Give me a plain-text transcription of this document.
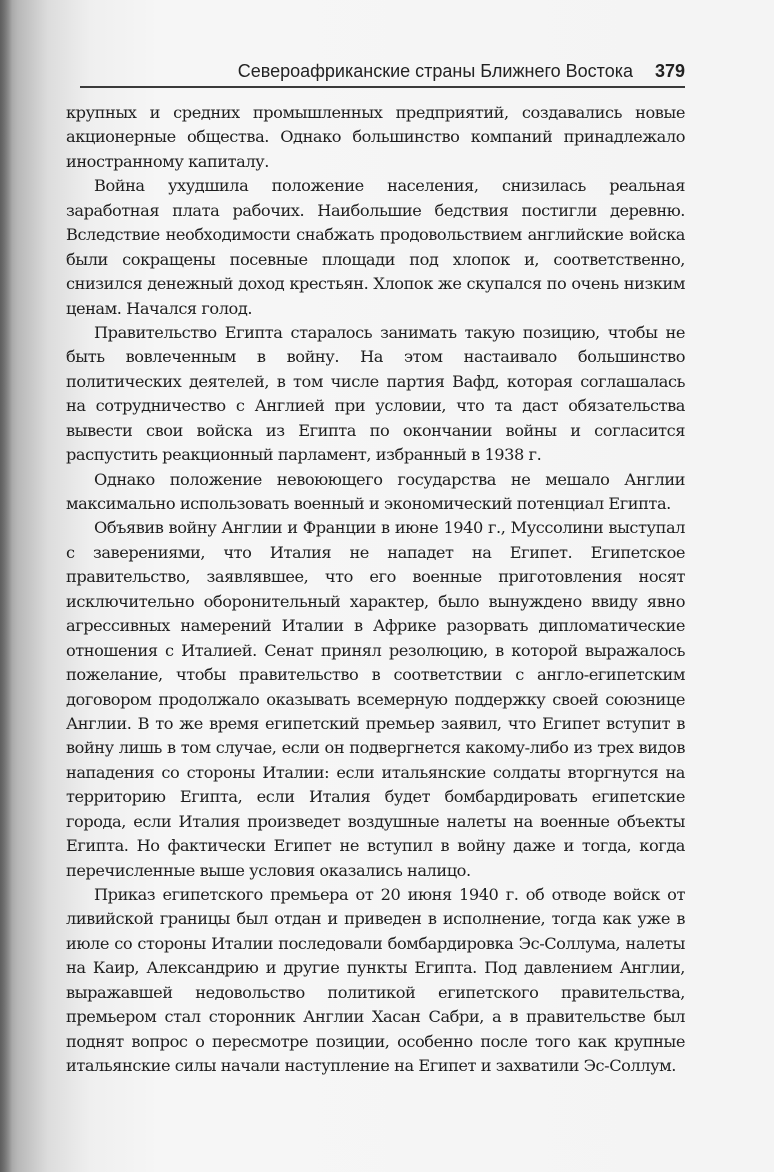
Североафриканские страны Ближнего Востока 379

крупных и средних промышленных предприятий, создавались новые акционерные общества. Однако большинство компаний принадлежало иностранному капиталу.

Война ухудшила положение населения, снизилась реальная заработная плата рабочих. Наибольшие бедствия постигли деревню. Вследствие необходимости снабжать продовольствием английские войска были сокращены посевные площади под хлопок и, соответственно, снизился денежный доход крестьян. Хлопок же скупался по очень низким ценам. Начался голод.

Правительство Египта старалось занимать такую позицию, чтобы не быть вовлеченным в войну. На этом настаивало большинство политических деятелей, в том числе партия Вафд, которая соглашалась на сотрудничество с Англией при условии, что та даст обязательства вывести свои войска из Египта по окончании войны и согласится распустить реакционный парламент, избранный в 1938 г.

Однако положение невоюющего государства не мешало Англии максимально использовать военный и экономический потенциал Египта.

Объявив войну Англии и Франции в июне 1940 г., Муссолини выступал с заверениями, что Италия не нападет на Египет. Египетское правительство, заявлявшее, что его военные приготовления носят исключительно оборонительный характер, было вынуждено ввиду явно агрессивных намерений Италии в Африке разорвать дипломатические отношения с Италией. Сенат принял резолюцию, в которой выражалось пожелание, чтобы правительство в соответствии с англо-египетским договором продолжало оказывать всемерную поддержку своей союзнице Англии. В то же время египетский премьер заявил, что Египет вступит в войну лишь в том случае, если он подвергнется какому-либо из трех видов нападения со стороны Италии: если итальянские солдаты вторгнутся на территорию Египта, если Италия будет бомбардировать египетские города, если Италия произведет воздушные налеты на военные объекты Египта. Но фактически Египет не вступил в войну даже и тогда, когда перечисленные выше условия оказались налицо.

Приказ египетского премьера от 20 июня 1940 г. об отводе войск от ливийской границы был отдан и приведен в исполнение, тогда как уже в июле со стороны Италии последовали бомбардировка Эс-Соллума, налеты на Каир, Александрию и другие пункты Египта. Под давлением Англии, выражавшей недовольство политикой египетского правительства, премьером стал сторонник Англии Хасан Сабри, а в правительстве был поднят вопрос о пересмотре позиции, особенно после того как крупные итальянские силы начали наступление на Египет и захватили Эс-Соллум.
